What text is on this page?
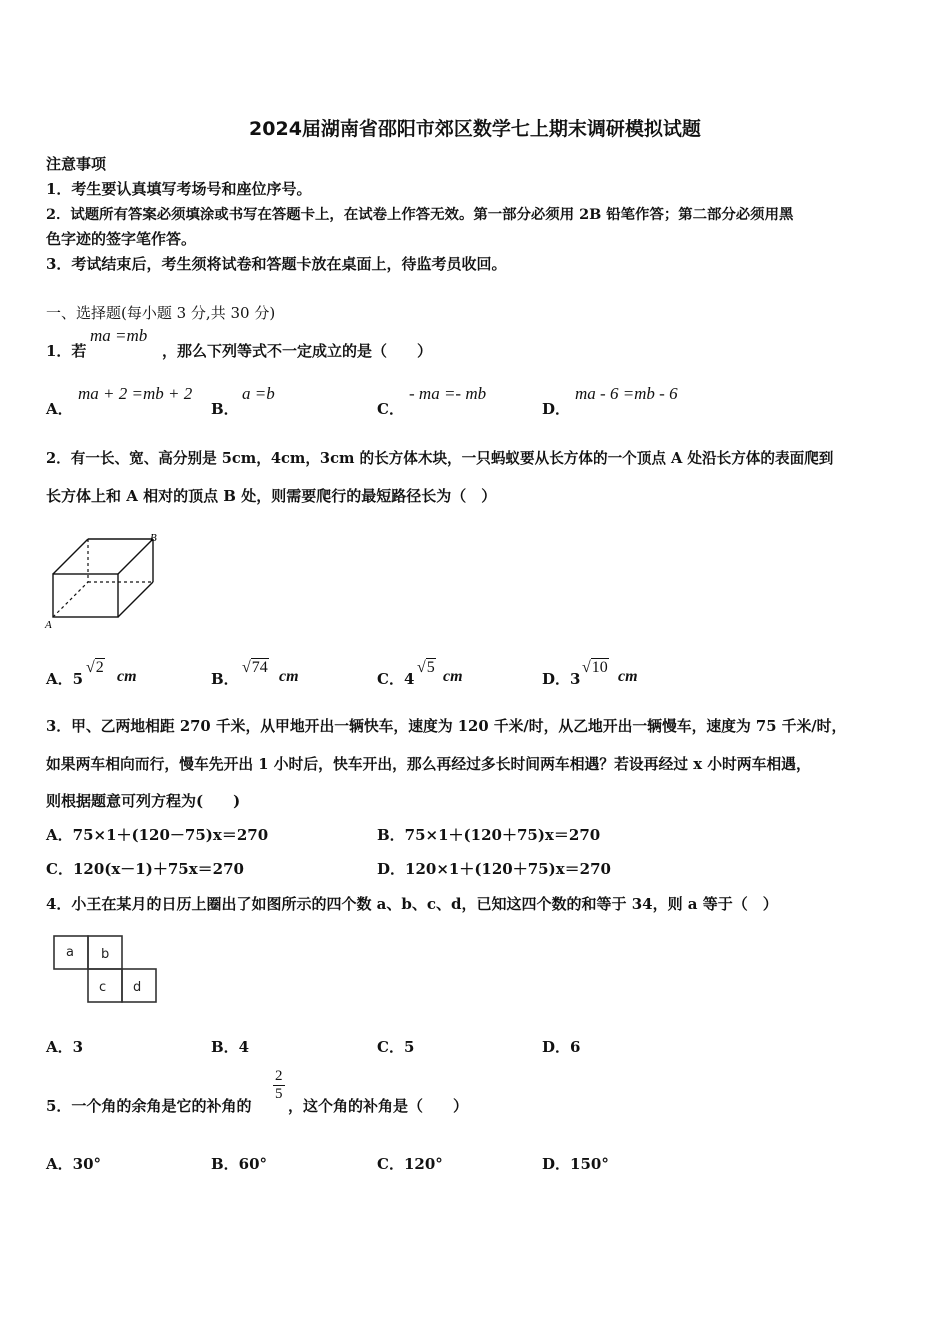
2024届湖南省邵阳市郊区数学七上期末调研模拟试题
注意事项
1．考生要认真填写考场号和座位序号。
2．试题所有答案必须填涂或书写在答题卡上，在试卷上作答无效。第一部分必须用 2B 铅笔作答；第二部分必须用黑
色字迹的签字笔作答。
3．考试结束后，考生须将试卷和答题卡放在桌面上，待监考员收回。
一、选择题(每小题 3 分,共 30 分)
1．若
ma =mb
，那么下列等式不一定成立的是（　　）
A．
ma + 2 =mb + 2
B．
a =b
C．
- ma =- mb
D．
ma - 6 =mb - 6
2．有一长、宽、高分别是 5cm，4cm，3cm 的长方体木块，一只蚂蚁要从长方体的一个顶点 A 处沿长方体的表面爬到
长方体上和 A 相对的顶点 B 处，则需要爬行的最短路径长为（　）
A
B
A．5
√2
cm	B．
√74
cm	C．4
√5
cm	D．3
√10
cm
3．甲、乙两地相距 270 千米，从甲地开出一辆快车，速度为 120 千米/时，从乙地开出一辆慢车，速度为 75 千米/时，
如果两车相向而行，慢车先开出 1 小时后，快车开出，那么再经过多长时间两车相遇？若设再经过 x 小时两车相遇，
则根据题意可列方程为(　　)
A．75×1＋(120－75)x＝270	B．75×1＋(120＋75)x＝270
C．120(x－1)＋75x＝270	D．120×1＋(120＋75)x＝270
4．小王在某月的日历上圈出了如图所示的四个数 a、b、c、d，已知这四个数的和等于 34，则 a 等于（　）
a b
c d
A．3	B．4	C．5	D．6
5．一个角的余角是它的补角的
$\frac{2}{5}$
，这个角的补角是（　　）
A．30°	B．60°	C．120°	D．150°
